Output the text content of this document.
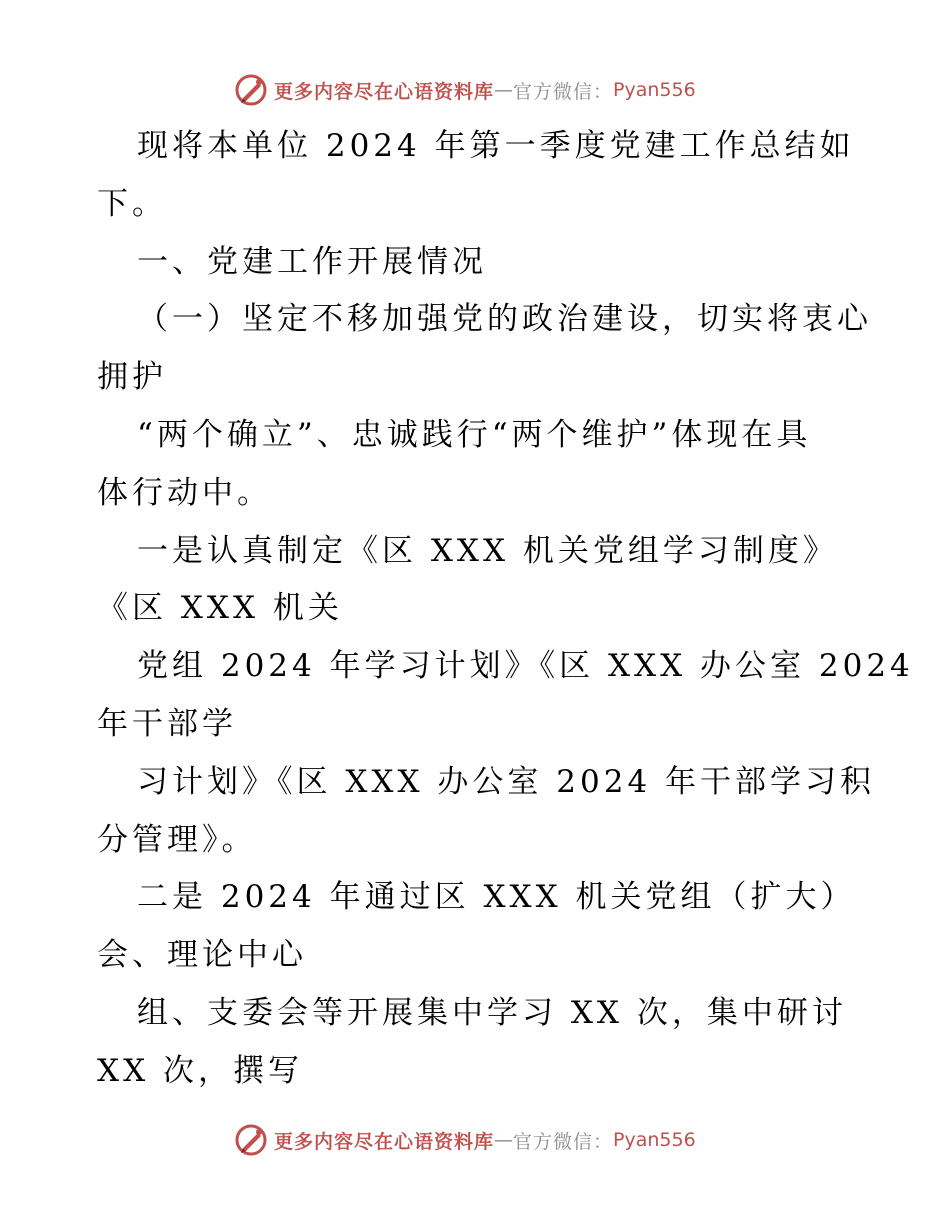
更多内容尽在心语资料库 — 官方微信： Pyan556
现将本单位 2024 年第一季度党建工作总结如
下。
一、党建工作开展情况
（一）坚定不移加强党的政治建设，切实将衷心
拥护
“两个确立”、忠诚践行“两个维护”体现在具
体行动中。
一是认真制定《区 XXX 机关党组学习制度》
《区 XXX 机关
党组 2024 年学习计划》《区 XXX 办公室 2024
年干部学
习计划》《区 XXX 办公室 2024 年干部学习积
分管理》。
二是 2024 年通过区 XXX 机关党组（扩大）
会、理论中心
组、支委会等开展集中学习 XX 次，集中研讨
XX 次，撰写
更多内容尽在心语资料库 — 官方微信： Pyan556
